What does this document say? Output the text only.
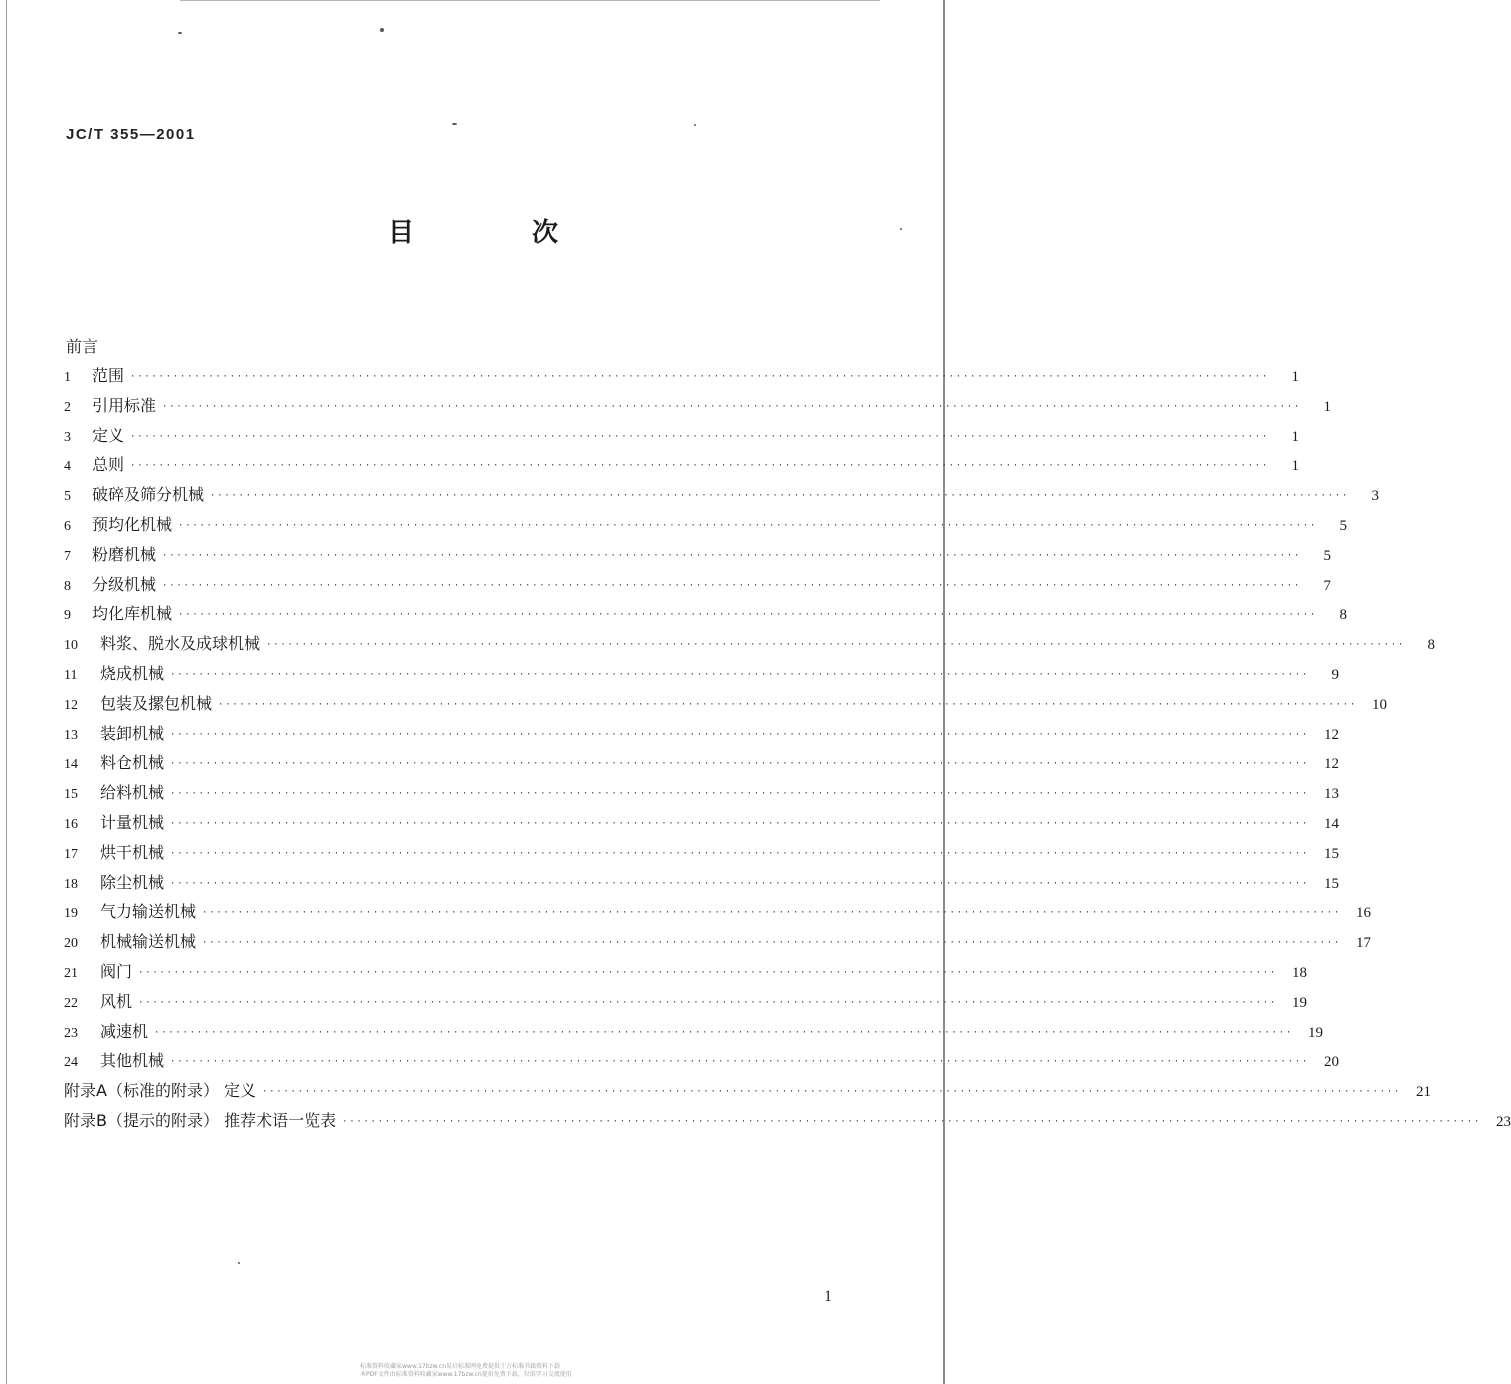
·
·
·
JC/T 355—2001
目　次
前言
1	范围 ································································································································································	1
2	引用标准 ································································································································································	1
3	定义 ································································································································································	1
4	总则 ································································································································································	1
5	破碎及筛分机械 ································································································································································	3
6	预均化机械 ································································································································································	5
7	粉磨机械 ································································································································································	5
8	分级机械 ································································································································································	7
9	均化库机械 ································································································································································	8
10	料浆、脱水及成球机械 ································································································································································	8
11	烧成机械 ································································································································································	9
12	包装及摞包机械 ································································································································································	10
13	装卸机械 ································································································································································	12
14	料仓机械 ································································································································································	12
15	给料机械 ································································································································································	13
16	计量机械 ································································································································································	14
17	烘干机械 ································································································································································	15
18	除尘机械 ································································································································································	15
19	气力输送机械 ································································································································································	16
20	机械输送机械 ································································································································································	17
21	阀门 ································································································································································	18
22	风机 ································································································································································	19
23	减速机 ································································································································································	19
24	其他机械 ································································································································································	20
附录A（标准的附录） 定义 ································································································································································	21
附录B（提示的附录） 推荐术语一览表 ································································································································································	23
1
标准资料收藏家www.17bzw.cn易启标准网免费提供十万标准书籍资料下载
本PDF文件由标准资料收藏家www.17bzw.cn提供免费下载，仅供学习交流使用
